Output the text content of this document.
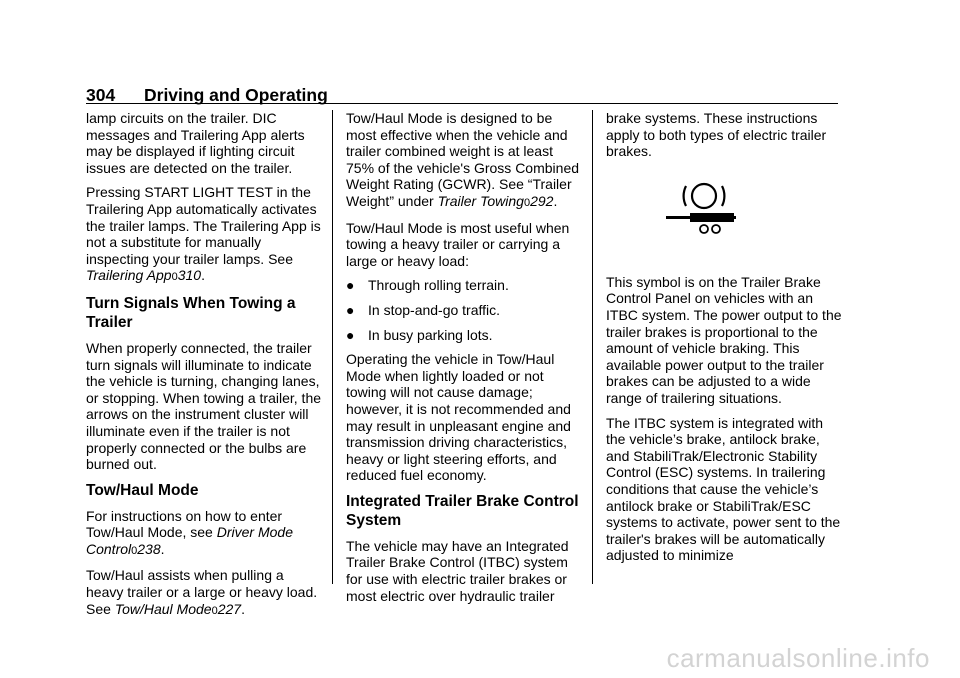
304 Driving and Operating

lamp circuits on the trailer. DIC messages and Trailering App alerts may be displayed if lighting circuit issues are detected on the trailer.

Pressing START LIGHT TEST in the Trailering App automatically activates the trailer lamps. The Trailering App is not a substitute for manually inspecting your trailer lamps. See Trailering App0310.

Turn Signals When Towing a Trailer

When properly connected, the trailer turn signals will illuminate to indicate the vehicle is turning, changing lanes, or stopping. When towing a trailer, the arrows on the instrument cluster will illuminate even if the trailer is not properly connected or the bulbs are burned out.

Tow/Haul Mode

For instructions on how to enter Tow/Haul Mode, see Driver Mode Control0238.

Tow/Haul assists when pulling a heavy trailer or a large or heavy load. See Tow/Haul Mode0227.

Tow/Haul Mode is designed to be most effective when the vehicle and trailer combined weight is at least 75% of the vehicle's Gross Combined Weight Rating (GCWR). See “Trailer Weight” under Trailer Towing0292.

Tow/Haul Mode is most useful when towing a heavy trailer or carrying a large or heavy load:

● Through rolling terrain.
● In stop-and-go traffic.
● In busy parking lots.

Operating the vehicle in Tow/Haul Mode when lightly loaded or not towing will not cause damage; however, it is not recommended and may result in unpleasant engine and transmission driving characteristics, heavy or light steering efforts, and reduced fuel economy.

Integrated Trailer Brake Control System

The vehicle may have an Integrated Trailer Brake Control (ITBC) system for use with electric trailer brakes or most electric over hydraulic trailer

brake systems. These instructions apply to both types of electric trailer brakes.

This symbol is on the Trailer Brake Control Panel on vehicles with an ITBC system. The power output to the trailer brakes is proportional to the amount of vehicle braking. This available power output to the trailer brakes can be adjusted to a wide range of trailering situations.

The ITBC system is integrated with the vehicle’s brake, antilock brake, and StabiliTrak/Electronic Stability Control (ESC) systems. In trailering conditions that cause the vehicle’s antilock brake or StabiliTrak/ESC systems to activate, power sent to the trailer's brakes will be automatically adjusted to minimize

carmanualsonline.info
